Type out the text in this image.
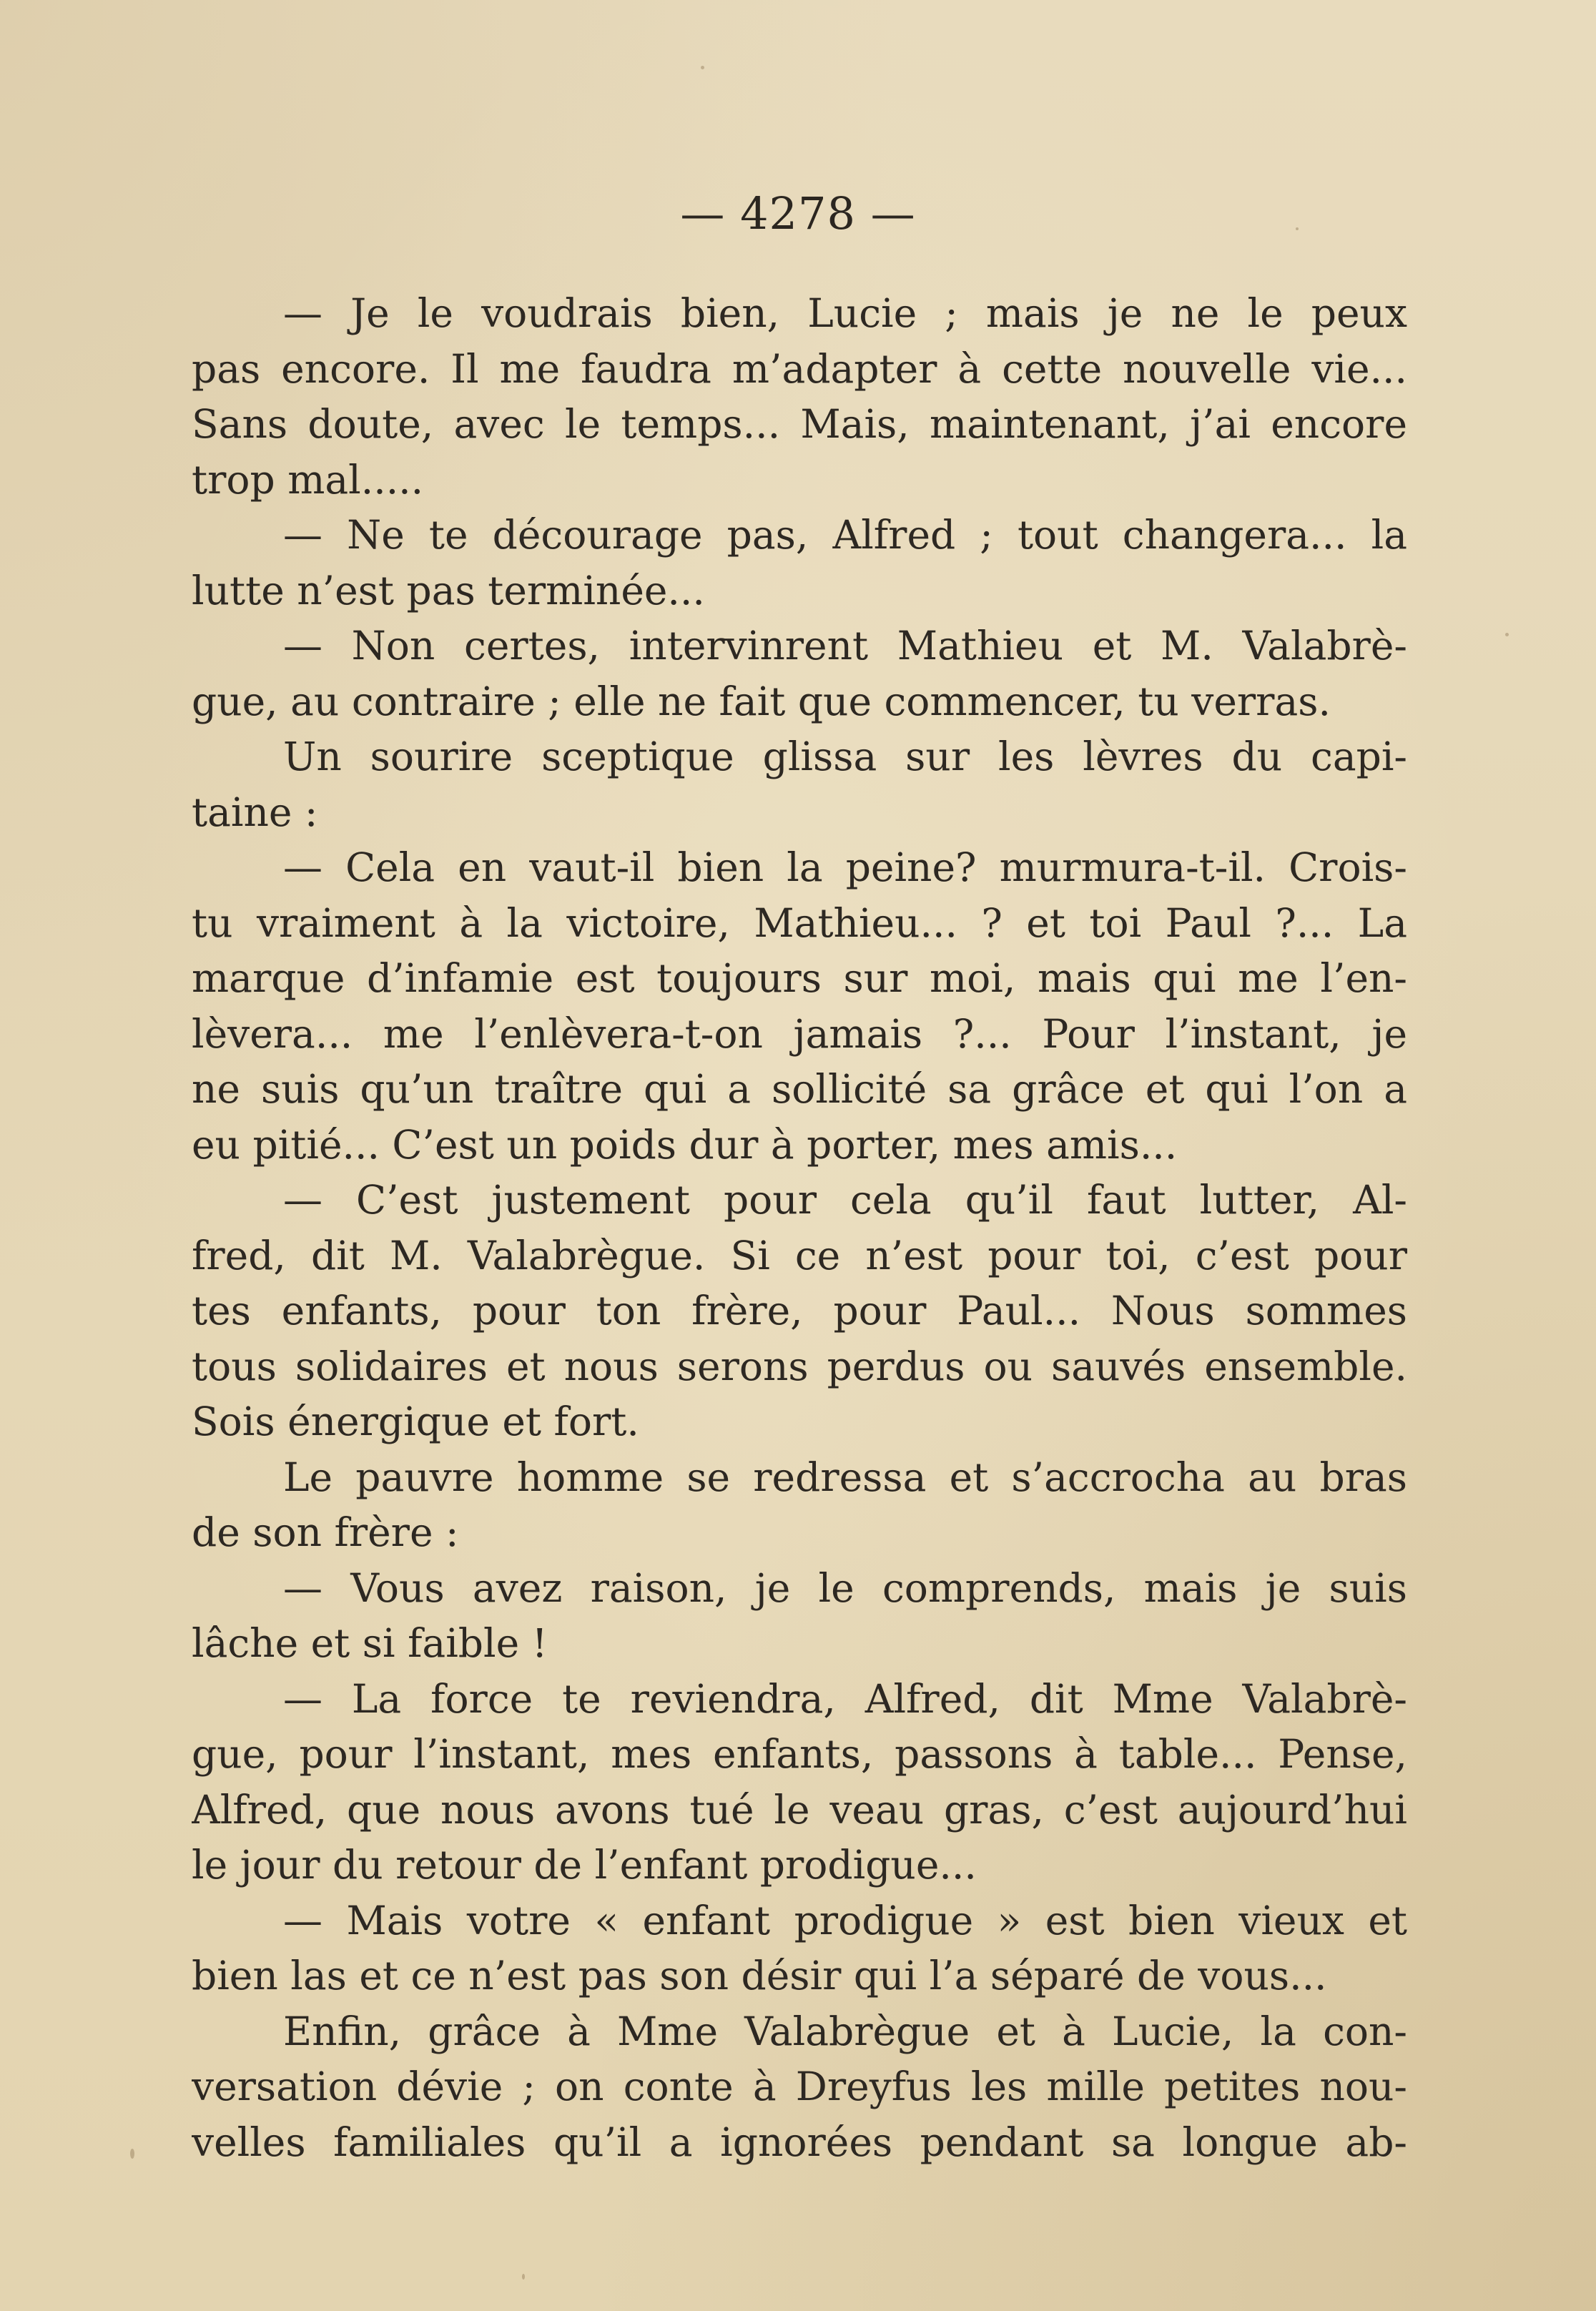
— 4278 —
— Je le voudrais bien, Lucie ; mais je ne le peux
pas encore. Il me faudra m’adapter à cette nouvelle vie...
Sans doute, avec le temps... Mais, maintenant, j’ai encore
trop mal.....
— Ne te décourage pas, Alfred ; tout changera... la
lutte n’est pas terminée...
— Non certes, intervinrent Mathieu et M. Valabrè-
gue, au contraire ; elle ne fait que commencer, tu verras.
Un sourire sceptique glissa sur les lèvres du capi-
taine :
— Cela en vaut-il bien la peine? murmura-t-il. Crois-
tu vraiment à la victoire, Mathieu... ? et toi Paul ?... La
marque d’infamie est toujours sur moi, mais qui me l’en-
lèvera... me l’enlèvera-t-on jamais ?... Pour l’instant, je
ne suis qu’un traître qui a sollicité sa grâce et qui l’on a
eu pitié... C’est un poids dur à porter, mes amis...
— C’est justement pour cela qu’il faut lutter, Al-
fred, dit M. Valabrègue. Si ce n’est pour toi, c’est pour
tes enfants, pour ton frère, pour Paul... Nous sommes
tous solidaires et nous serons perdus ou sauvés ensemble.
Sois énergique et fort.
Le pauvre homme se redressa et s’accrocha au bras
de son frère :
— Vous avez raison, je le comprends, mais je suis
lâche et si faible !
— La force te reviendra, Alfred, dit Mme Valabrè-
gue, pour l’instant, mes enfants, passons à table... Pense,
Alfred, que nous avons tué le veau gras, c’est aujourd’hui
le jour du retour de l’enfant prodigue...
— Mais votre « enfant prodigue » est bien vieux et
bien las et ce n’est pas son désir qui l’a séparé de vous...
Enfin, grâce à Mme Valabrègue et à Lucie, la con-
versation dévie ; on conte à Dreyfus les mille petites nou-
velles familiales qu’il a ignorées pendant sa longue ab-
